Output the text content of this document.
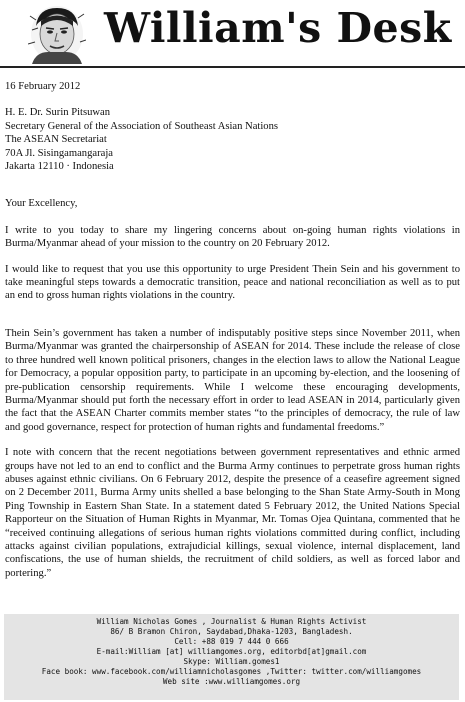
William's Desk

16 February 2012

H. E. Dr. Surin Pitsuwan
Secretary General of the Association of Southeast Asian Nations
The ASEAN Secretariat
70A Jl. Sisingamangaraja
Jakarta 12110 · Indonesia

Your Excellency,

I write to you today to share my lingering concerns about on-going human rights violations in Burma/Myanmar ahead of your mission to the country on 20 February 2012.

I would like to request that you use this opportunity to urge President Thein Sein and his government to take meaningful steps towards a democratic transition, peace and national reconciliation as well as to put an end to gross human rights violations in the country.

Thein Sein’s government has taken a number of indisputably positive steps since November 2011, when Burma/Myanmar was granted the chairpersonship of ASEAN for 2014. These include the release of close to three hundred well known political prisoners, changes in the election laws to allow the National League for Democracy, a popular opposition party, to participate in an upcoming by-election, and the loosening of pre-publication censorship requirements. While I welcome these encouraging developments, Burma/Myanmar should put forth the necessary effort in order to lead ASEAN in 2014, particularly given the fact that the ASEAN Charter commits member states “to the principles of democracy, the rule of law and good governance, respect for protection of human rights and fundamental freedoms.”

I note with concern that the recent negotiations between government representatives and ethnic armed groups have not led to an end to conflict and the Burma Army continues to perpetrate gross human rights abuses against ethnic civilians. On 6 February 2012, despite the presence of a ceasefire agreement signed on 2 December 2011, Burma Army units shelled a base belonging to the Shan State Army-South in Mong Ping Township in Eastern Shan State. In a statement dated 5 February 2012, the United Nations Special Rapporteur on the Situation of Human Rights in Myanmar, Mr. Tomas Ojea Quintana, commented that he “received continuing allegations of serious human rights violations committed during conflict, including attacks against civilian populations, extrajudicial killings, sexual violence, internal displacement, land confiscations, the use of human shields, the recruitment of child soldiers, as well as forced labor and portering.”

William Nicholas Gomes , Journalist & Human Rights Activist
86/ B Bramon Chiron, Saydabad,Dhaka-1203, Bangladesh.
Cell: +88 019 7 444 0 666
E-mail:William [at] williamgomes.org, editorbd[at]gmail.com
Skype: William.gomes1
Face book: www.facebook.com/williamnicholasgomes ,Twitter: twitter.com/williamgomes
Web site :www.williamgomes.org
